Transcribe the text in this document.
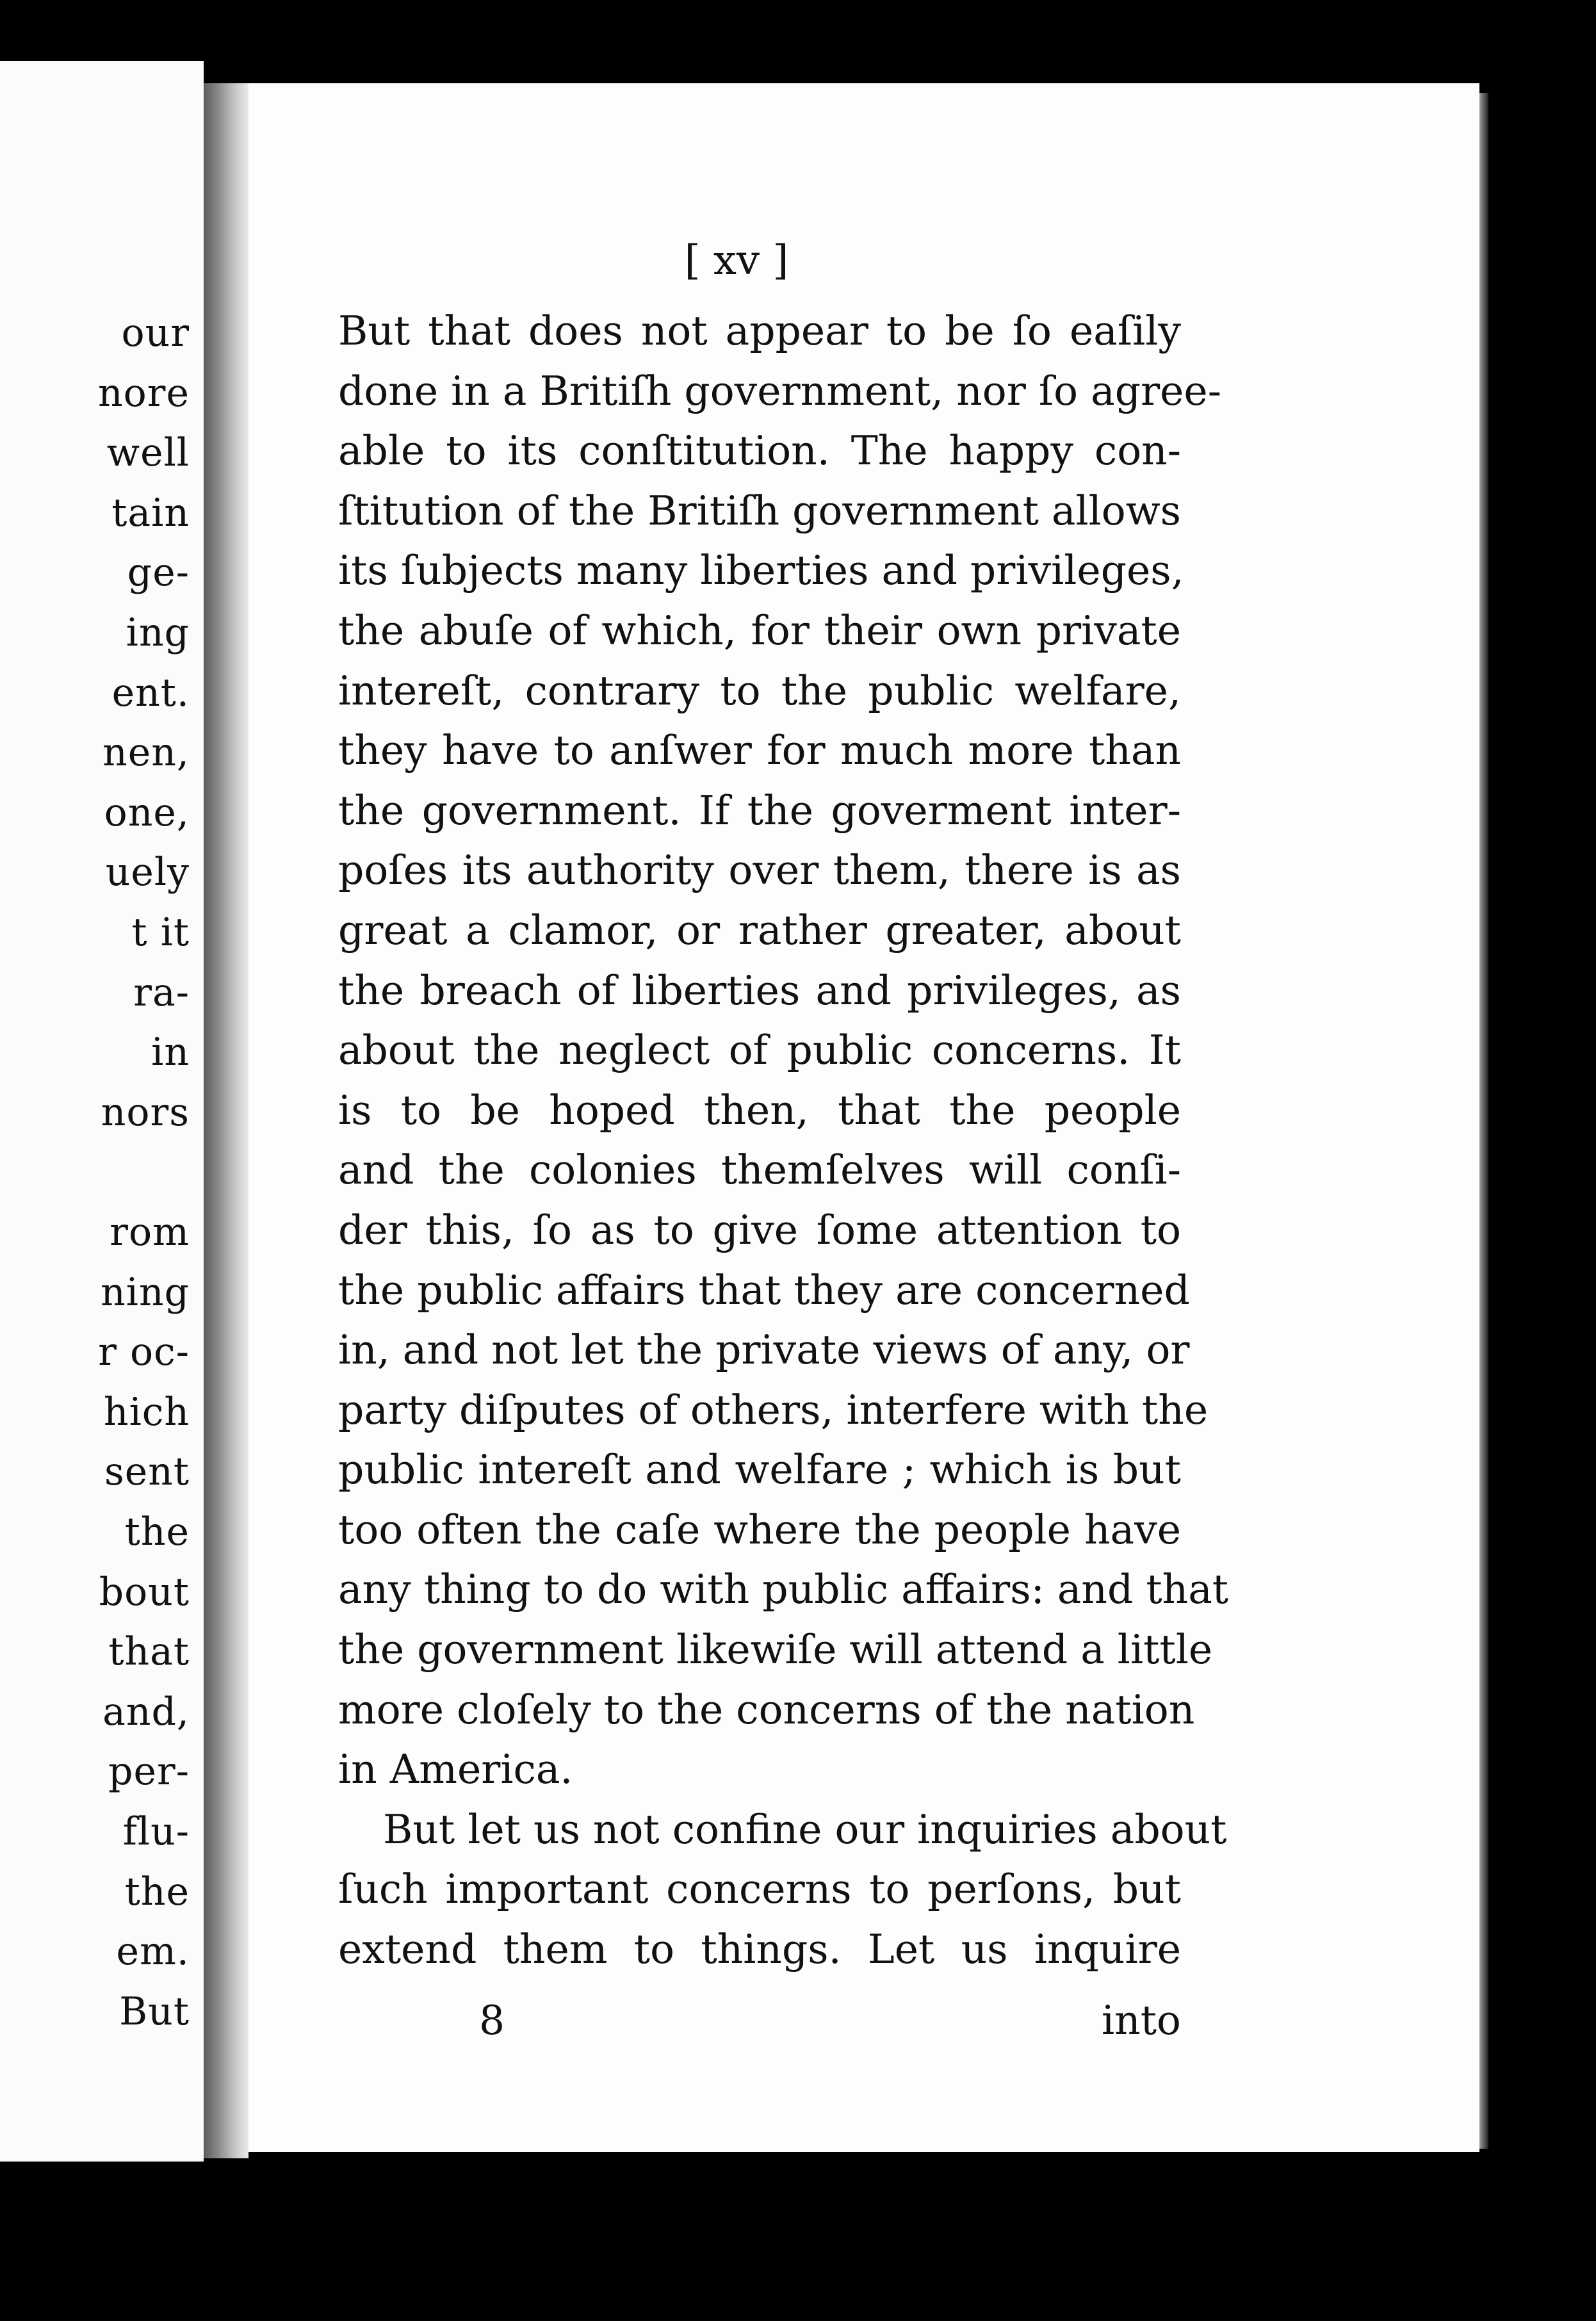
our
nore
well
tain
ge-
ing
ent.
nen,
one,
uely
t it
ra-
in
nors
rom
ning
r oc-
hich
sent
the
bout
that
and,
per-
flu-
the
em.
But
[ xv ]
But that does not appear to be ſo eaſily
done in a Britiſh government, nor ſo agree-
able to its conſtitution. The happy con-
ſtitution of the Britiſh government allows
its ſubjects many liberties and privileges,
the abuſe of which, for their own private
intereſt, contrary to the public welfare,
they have to anſwer for much more than
the government. If the goverment inter-
poſes its authority over them, there is as
great a clamor, or rather greater, about
the breach of liberties and privileges, as
about the neglect of public concerns. It
is to be hoped then, that the people
and the colonies themſelves will conſi-
der this, ſo as to give ſome attention to
the public affairs that they are concerned
in, and not let the private views of any, or
party diſputes of others, interfere with the
public intereſt and welfare ; which is but
too often the caſe where the people have
any thing to do with public affairs: and that
the government likewiſe will attend a little
more cloſely to the concerns of the nation
in America.
But let us not confine our inquiries about
ſuch important concerns to perſons, but
extend them to things. Let us inquire
8	into
